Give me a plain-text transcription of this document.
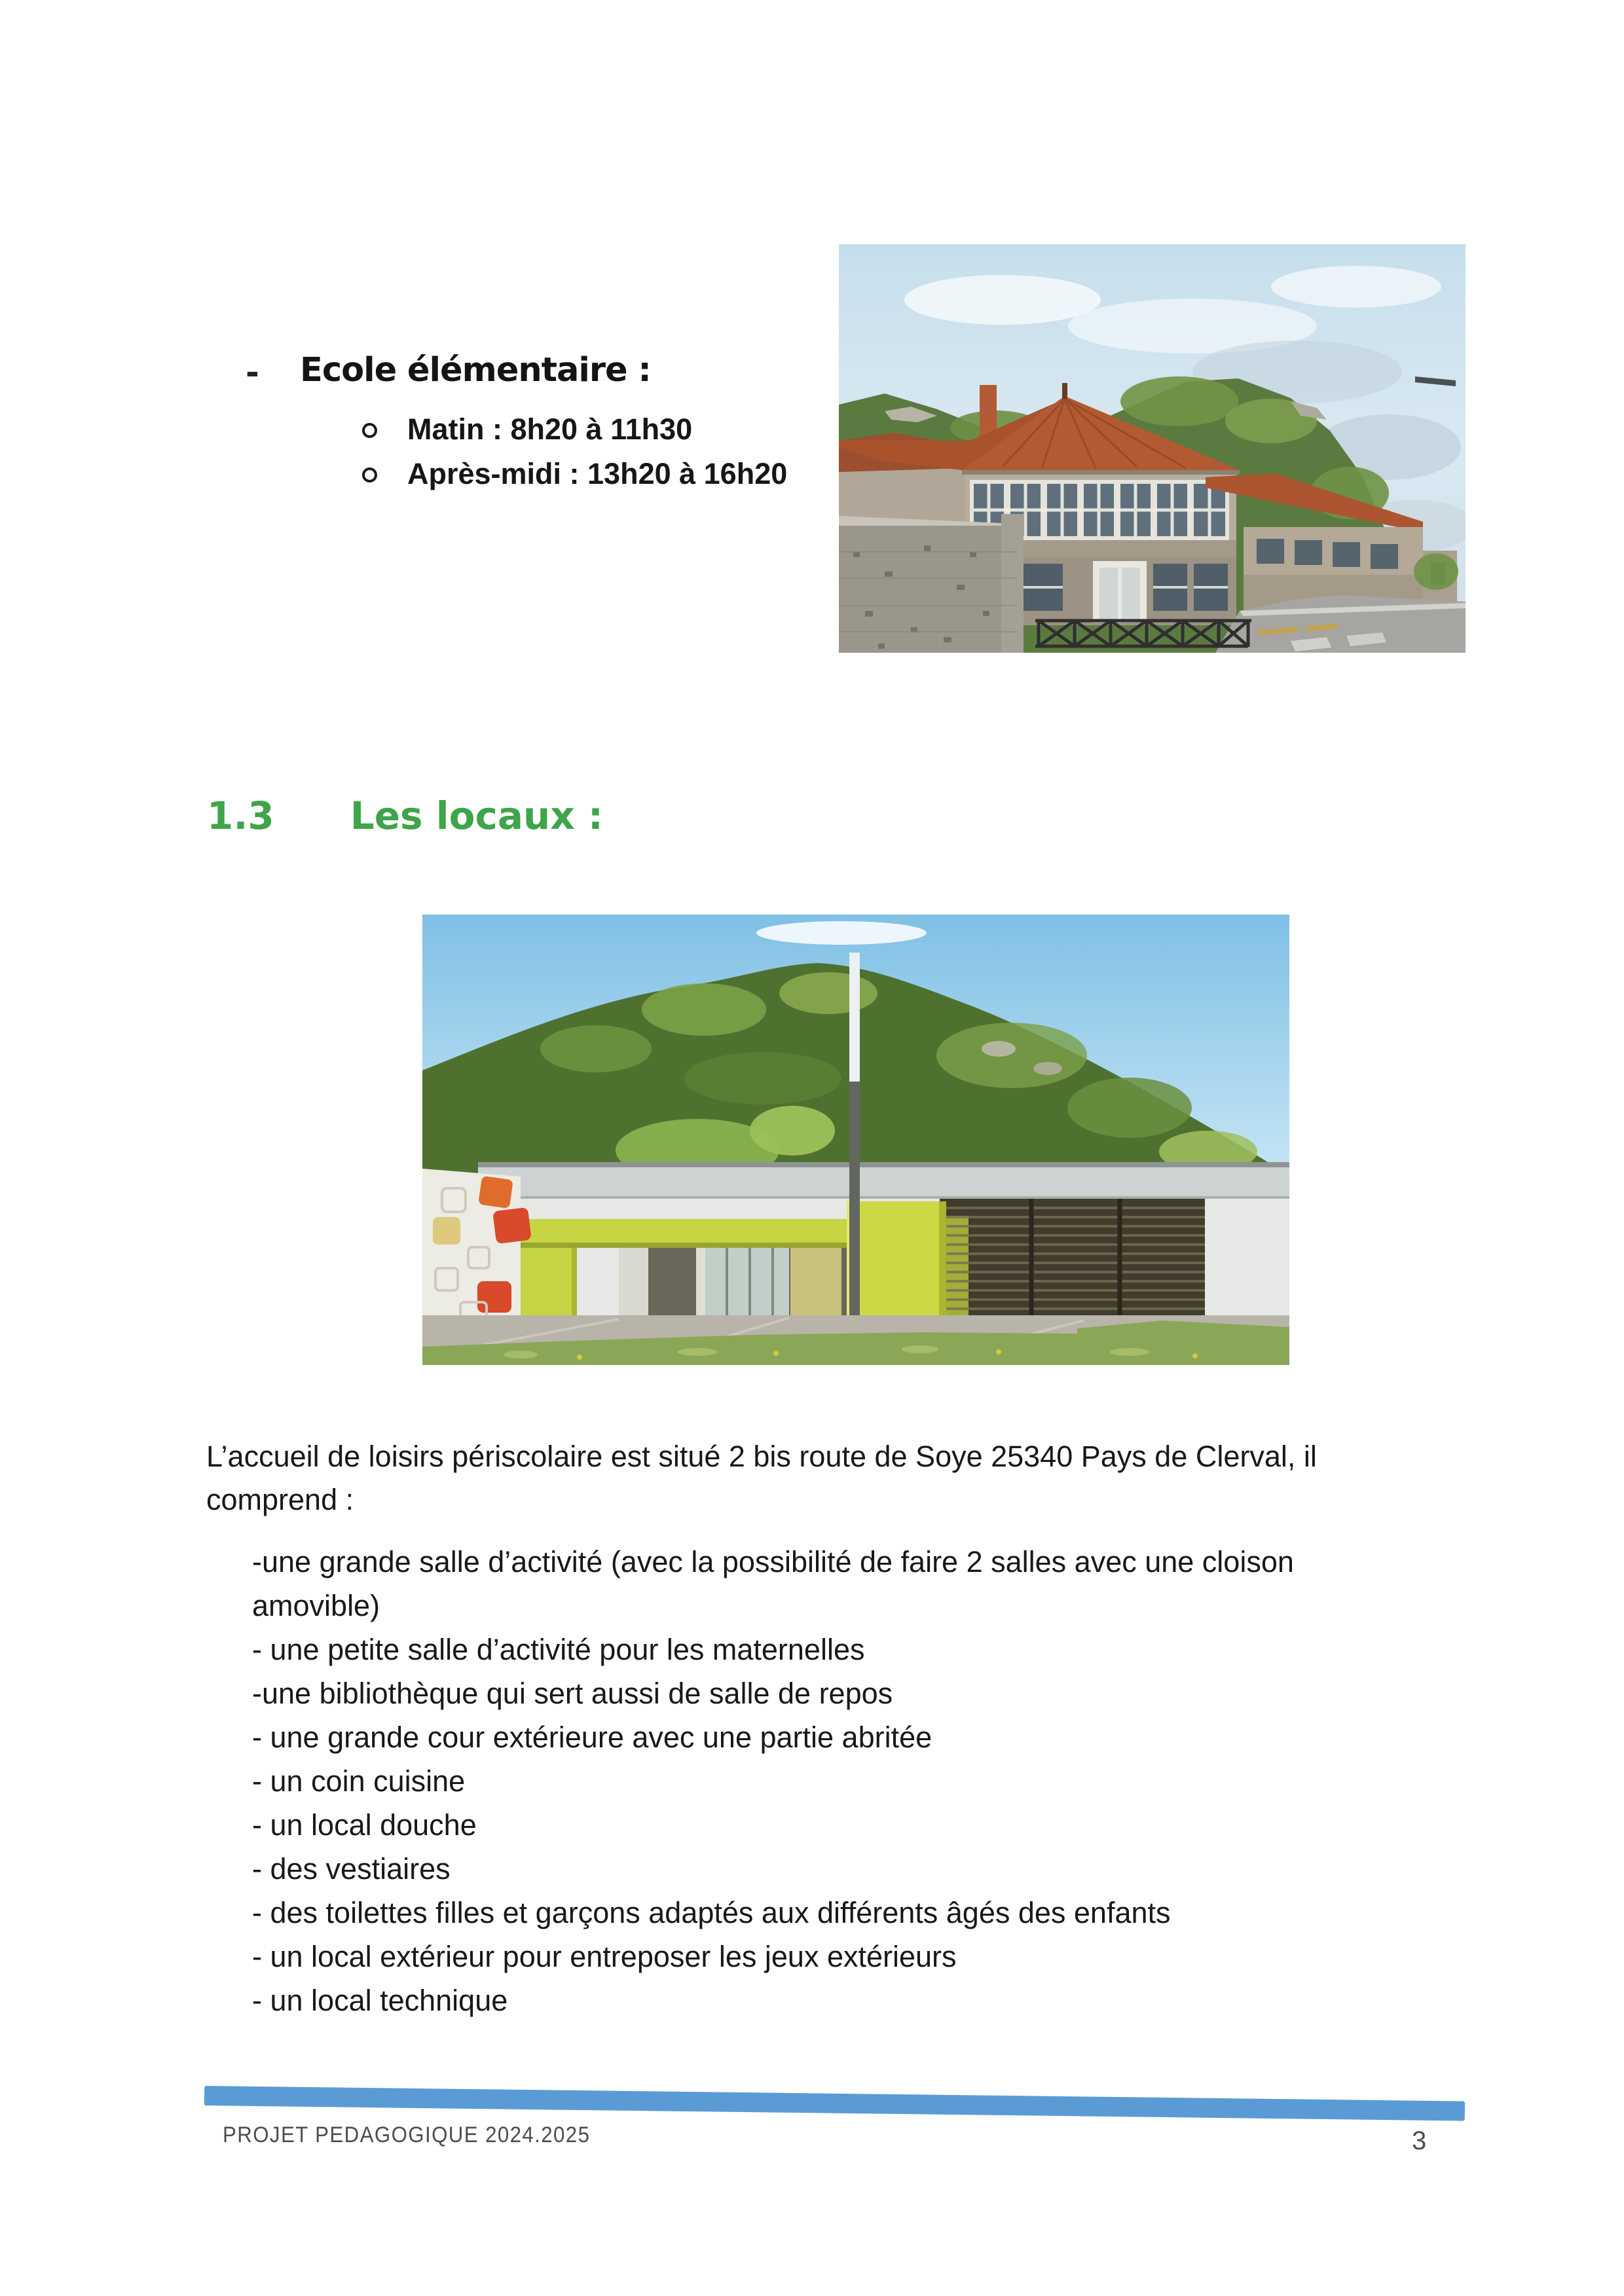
- Ecole élémentaire :
Matin : 8h20 à 11h30
Après-midi : 13h20 à 16h20
1.3 Les locaux :
L’accueil de loisirs périscolaire est situé 2 bis route de Soye 25340 Pays de Clerval, il
comprend :
-une grande salle d’activité (avec la possibilité de faire 2 salles avec une cloison
amovible)
- une petite salle d’activité pour les maternelles
-une bibliothèque qui sert aussi de salle de repos
- une grande cour extérieure avec une partie abritée
- un coin cuisine
- un local douche
- des vestiaires
- des toilettes filles et garçons adaptés aux différents âgés des enfants
- un local extérieur pour entreposer les jeux extérieurs
- un local technique
PROJET PEDAGOGIQUE 2024.2025	3
